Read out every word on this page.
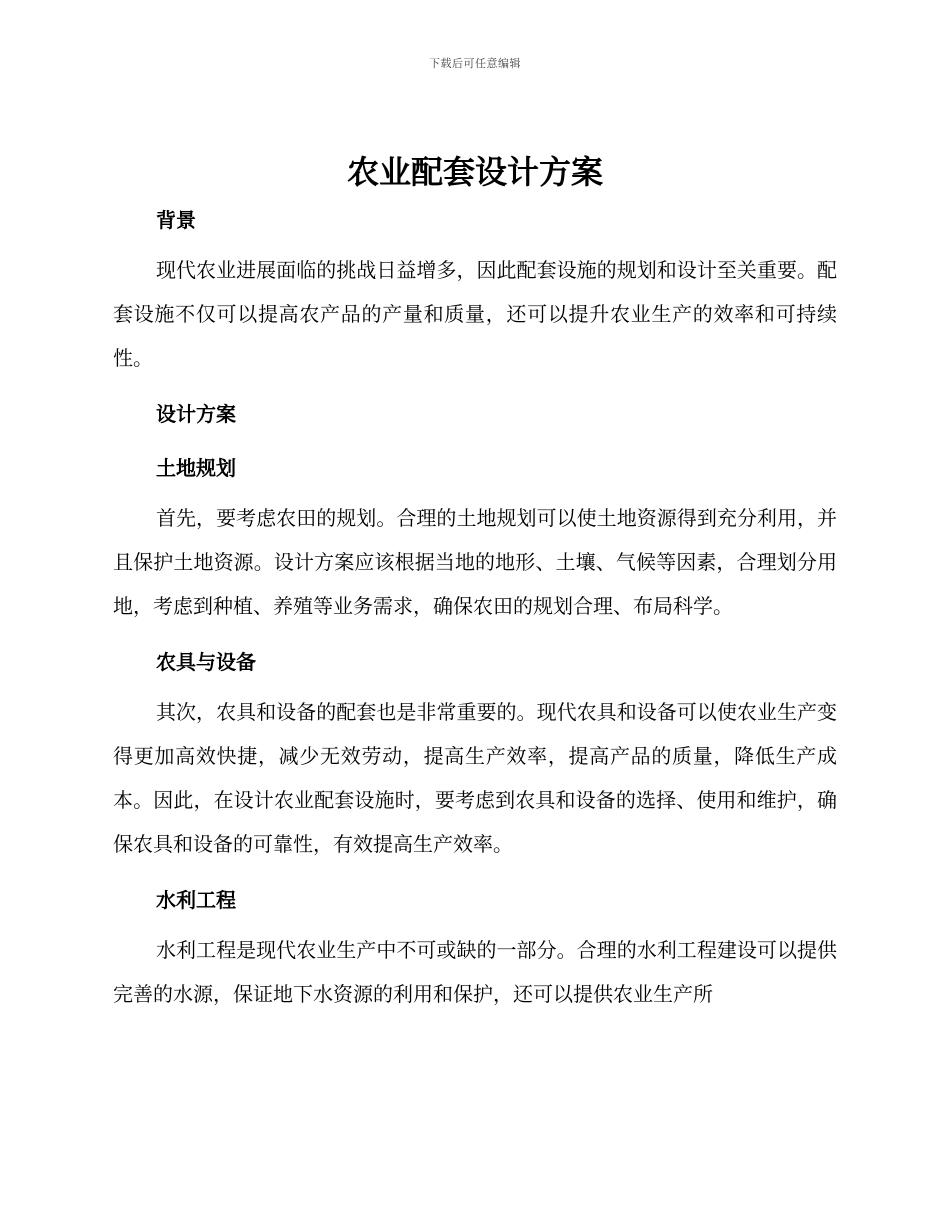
下载后可任意编辑
农业配套设计方案
背景

现代农业进展面临的挑战日益增多，因此配套设施的规划和设计至关重要。配套设施不仅可以提高农产品的产量和质量，还可以提升农业生产的效率和可持续性。

设计方案
土地规划

首先，要考虑农田的规划。合理的土地规划可以使土地资源得到充分利用，并且保护土地资源。设计方案应该根据当地的地形、土壤、气候等因素，合理划分用地，考虑到种植、养殖等业务需求，确保农田的规划合理、布局科学。

农具与设备

其次，农具和设备的配套也是非常重要的。现代农具和设备可以使农业生产变得更加高效快捷，减少无效劳动，提高生产效率，提高产品的质量，降低生产成本。因此，在设计农业配套设施时，要考虑到农具和设备的选择、使用和维护，确保农具和设备的可靠性，有效提高生产效率。

水利工程

水利工程是现代农业生产中不可或缺的一部分。合理的水利工程建设可以提供完善的水源，保证地下水资源的利用和保护，还可以提供农业生产所
